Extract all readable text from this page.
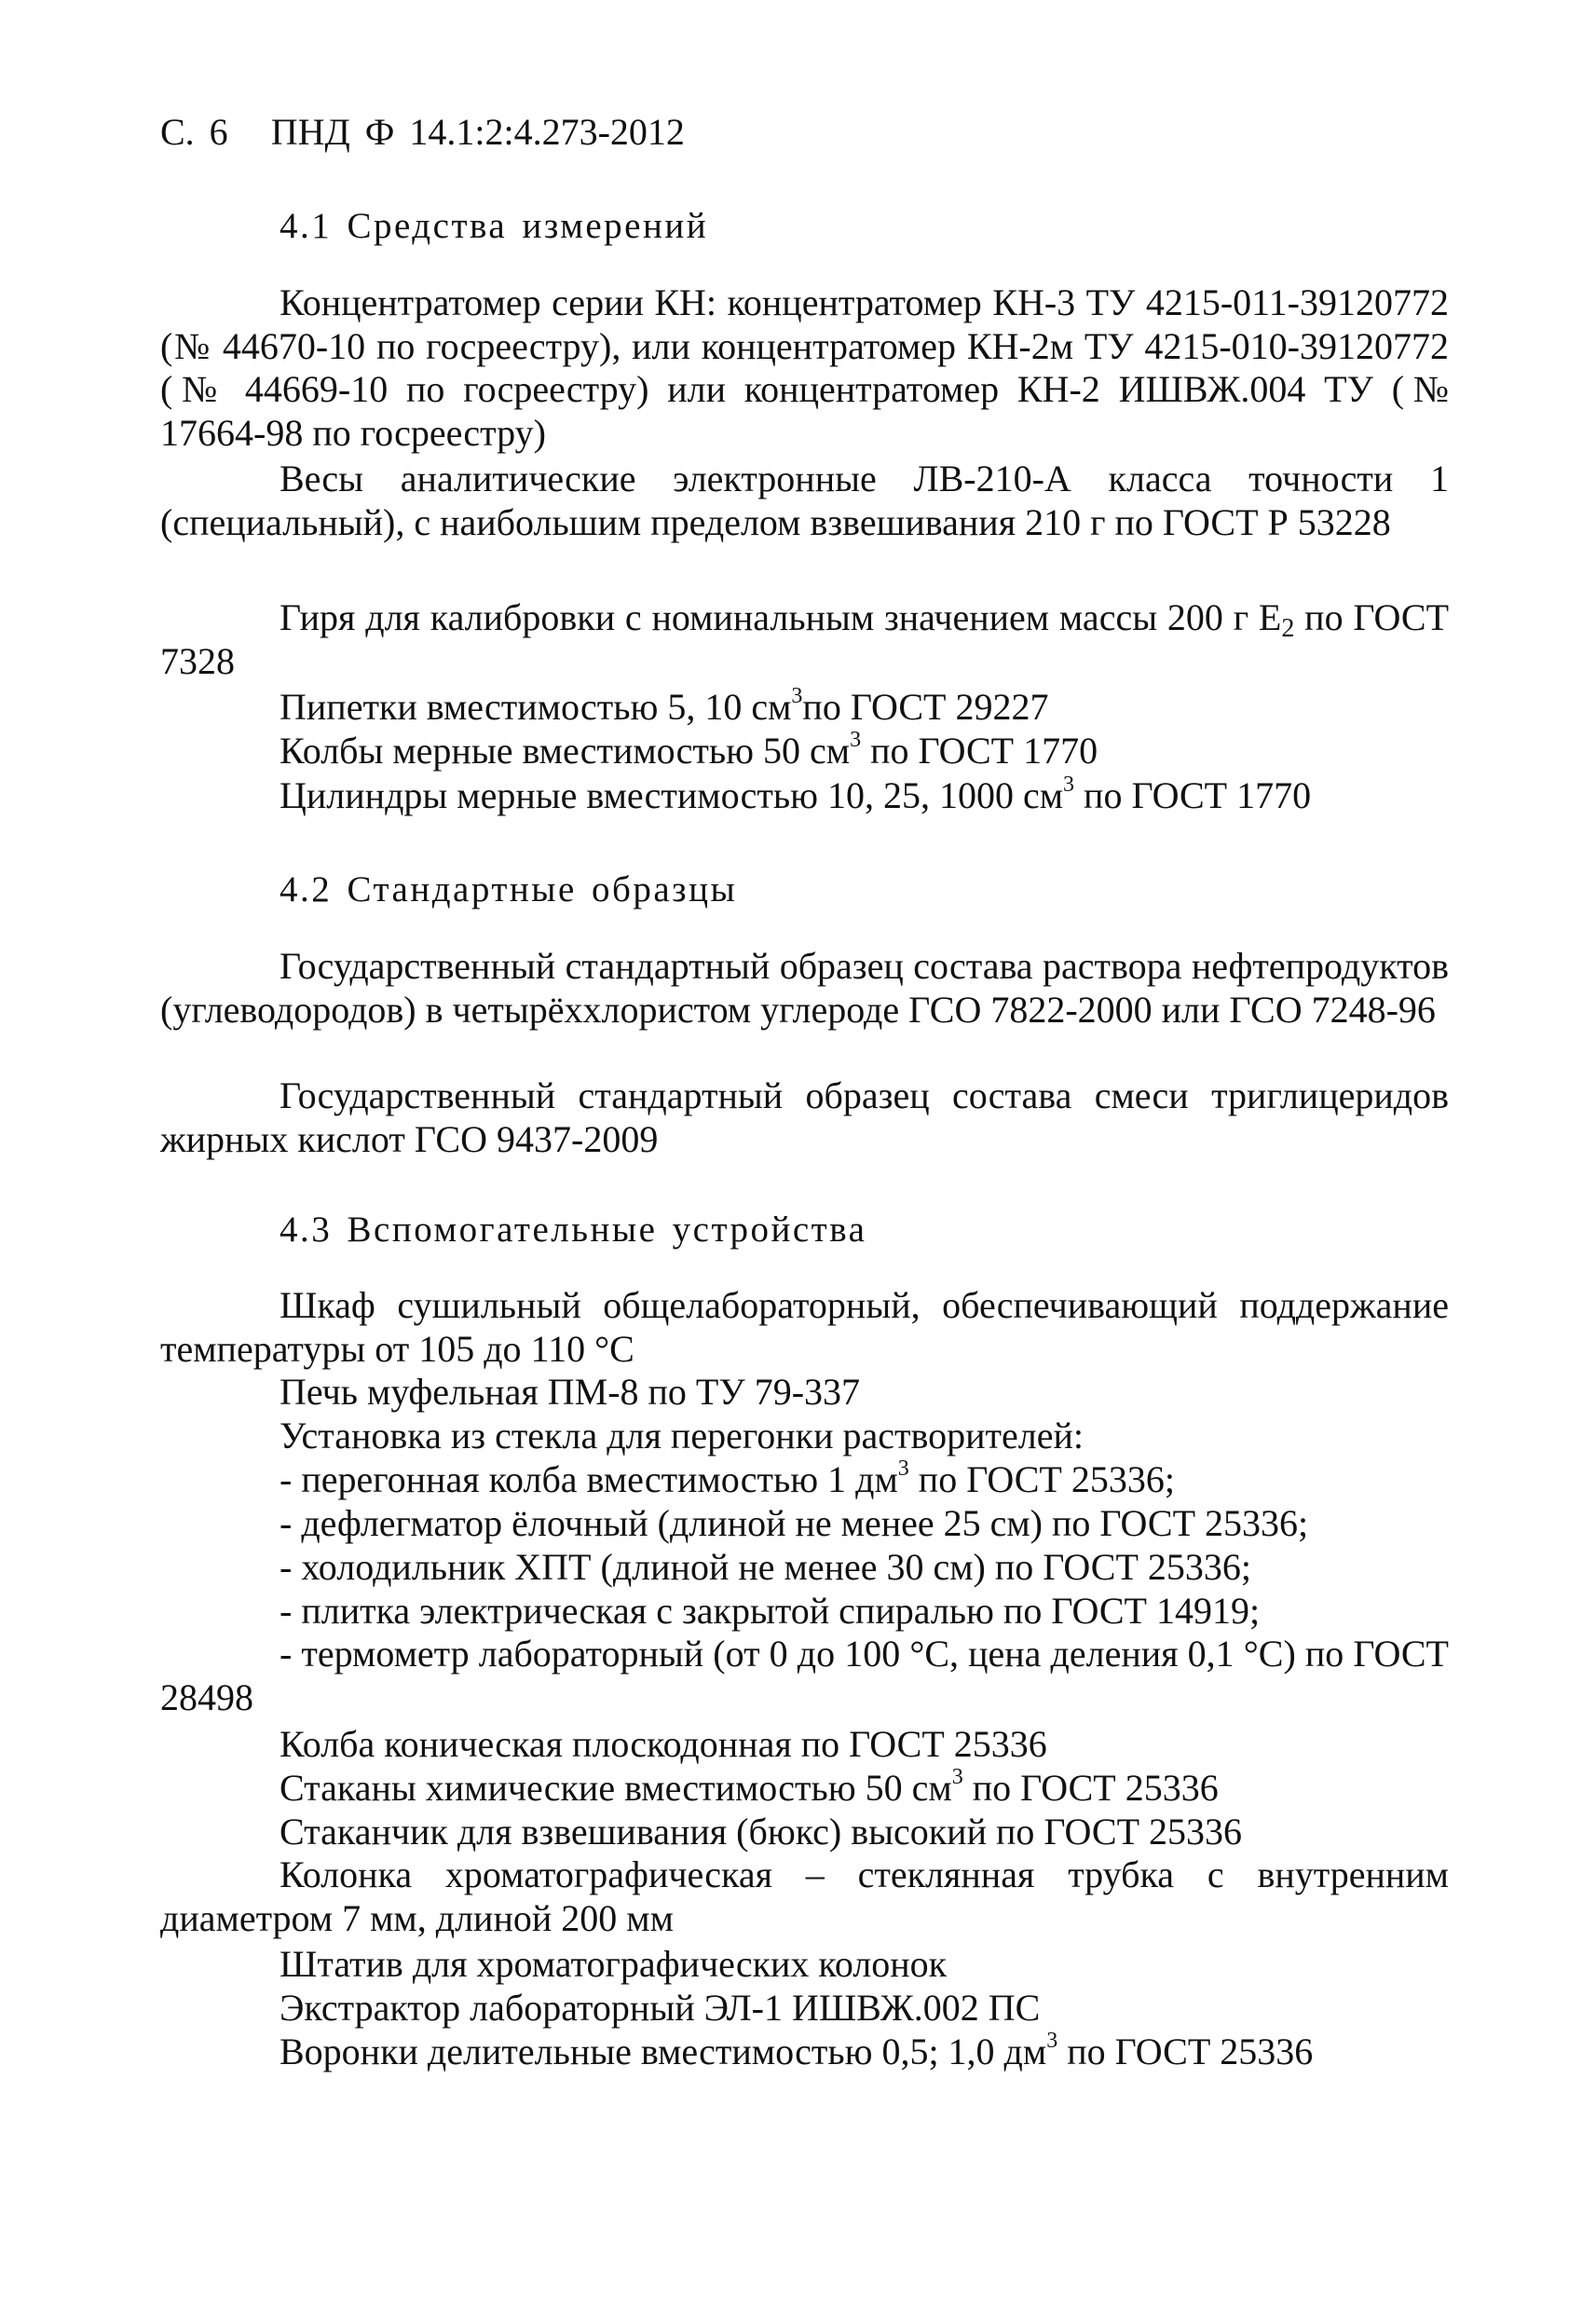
С. 6 ПНД Ф 14.1:2:4.273-2012
4.1 Средства измерений
Концентратомер серии КН: концентратомер КН-3 ТУ 4215-011-39120772 (№ 44670-10 по госреестру), или концентратомер КН-2м ТУ 4215-010-39120772 (№ 44669-10 по госреестру) или концентратомер КН-2 ИШВЖ.004 ТУ (№ 17664-98 по госреестру)
Весы аналитические электронные ЛВ-210-А класса точности 1 (специальный), с наибольшим пределом взвешивания 210 г по ГОСТ Р 53228
Гиря для калибровки с номинальным значением массы 200 г $Е_2$ по ГОСТ 7328
Пипетки вместимостью 5, 10 $см^3по$ ГОСТ 29227
Колбы мерные вместимостью 50 $см^3$ по ГОСТ 1770
Цилиндры мерные вместимостью 10, 25, 1000 $см^3$ по ГОСТ 1770
4.2 Стандартные образцы
Государственный стандартный образец состава раствора нефтепродуктов (углеводородов) в четырёххлористом углероде ГСО 7822-2000 или ГСО 7248-96
Государственный стандартный образец состава смеси триглицеридов жирных кислот ГСО 9437-2009
4.3 Вспомогательные устройства
Шкаф сушильный общелабораторный, обеспечивающий поддержание температуры от 105 до 110 °С
Печь муфельная ПМ-8 по ТУ 79-337
Установка из стекла для перегонки растворителей:
- перегонная колба вместимостью 1 $дм^3$ по ГОСТ 25336;
- дефлегматор ёлочный (длиной не менее 25 см) по ГОСТ 25336;
- холодильник ХПТ (длиной не менее 30 см) по ГОСТ 25336;
- плитка электрическая с закрытой спиралью по ГОСТ 14919;
- термометр лабораторный (от 0 до 100 °С, цена деления 0,1 °С) по ГОСТ 28498
Колба коническая плоскодонная по ГОСТ 25336
Стаканы химические вместимостью 50 $см^3$ по ГОСТ 25336
Стаканчик для взвешивания (бюкс) высокий по ГОСТ 25336
Колонка хроматографическая – стеклянная трубка с внутренним диаметром 7 мм, длиной 200 мм
Штатив для хроматографических колонок
Экстрактор лабораторный ЭЛ-1 ИШВЖ.002 ПС
Воронки делительные вместимостью 0,5; 1,0 $дм^3$ по ГОСТ 25336
